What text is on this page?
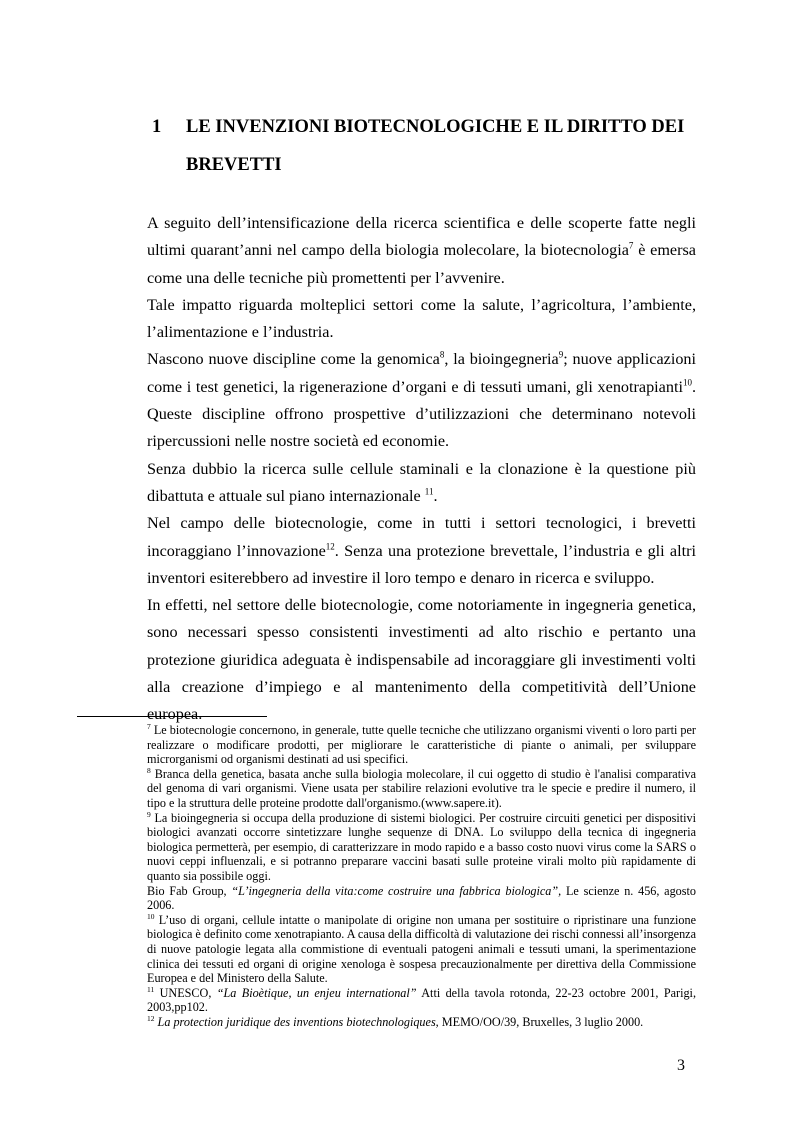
1 LE INVENZIONI BIOTECNOLOGICHE E IL DIRITTO DEI BREVETTI

A seguito dell’intensificazione della ricerca scientifica e delle scoperte fatte negli ultimi quarant’anni nel campo della biologia molecolare, la biotecnologia$^7$ è emersa come una delle tecniche più promettenti per l’avvenire.

Tale impatto riguarda molteplici settori come la salute, l’agricoltura, l’ambiente, l’alimentazione e l’industria.

Nascono nuove discipline come la genomica$^8$, la bioingegneria$^9$; nuove applicazioni come i test genetici, la rigenerazione d’organi e di tessuti umani, gli xenotrapianti$^{10}$. Queste discipline offrono prospettive d’utilizzazioni che determinano notevoli ripercussioni nelle nostre società ed economie.

Senza dubbio la ricerca sulle cellule staminali e la clonazione è la questione più dibattuta e attuale sul piano internazionale $^{11}$.

Nel campo delle biotecnologie, come in tutti i settori tecnologici, i brevetti incoraggiano l’innovazione$^{12}$. Senza una protezione brevettale, l’industria e gli altri inventori esiterebbero ad investire il loro tempo e denaro in ricerca e sviluppo.

In effetti, nel settore delle biotecnologie, come notoriamente in ingegneria genetica, sono necessari spesso consistenti investimenti ad alto rischio e pertanto una protezione giuridica adeguata è indispensabile ad incoraggiare gli investimenti volti alla creazione d’impiego e al mantenimento della competitività dell’Unione europea.

$^7$ Le biotecnologie concernono, in generale, tutte quelle tecniche che utilizzano organismi viventi o loro parti per realizzare o modificare prodotti, per migliorare le caratteristiche di piante o animali, per sviluppare microrganismi od organismi destinati ad usi specifici.

$^8$ Branca della genetica, basata anche sulla biologia molecolare, il cui oggetto di studio è l'analisi comparativa del genoma di vari organismi. Viene usata per stabilire relazioni evolutive tra le specie e predire il numero, il tipo e la struttura delle proteine prodotte dall'organismo.(www.sapere.it).

$^9$ La bioingegneria si occupa della produzione di sistemi biologici. Per costruire circuiti genetici per dispositivi biologici avanzati occorre sintetizzare lunghe sequenze di DNA. Lo sviluppo della tecnica di ingegneria biologica permetterà, per esempio, di caratterizzare in modo rapido e a basso costo nuovi virus come la SARS o nuovi ceppi influenzali, e si potranno preparare vaccini basati sulle proteine virali molto più rapidamente di quanto sia possibile oggi.

Bio Fab Group, “L’ingegneria della vita:come costruire una fabbrica biologica”, Le scienze n. 456, agosto 2006.

$^{10}$ L’uso di organi, cellule intatte o manipolate di origine non umana per sostituire o ripristinare una funzione biologica è definito come xenotrapianto. A causa della difficoltà di valutazione dei rischi connessi all’insorgenza di nuove patologie legata alla commistione di eventuali patogeni animali e tessuti umani, la sperimentazione clinica dei tessuti ed organi di origine xenologa è sospesa precauzionalmente per direttiva della Commissione Europea e del Ministero della Salute.

$^{11}$ UNESCO, “La Bioètique, un enjeu international” Atti della tavola rotonda, 22-23 octobre 2001, Parigi, 2003,pp102.

$^{12}$ La protection juridique des inventions biotechnologiques, MEMO/OO/39, Bruxelles, 3 luglio 2000.

3
